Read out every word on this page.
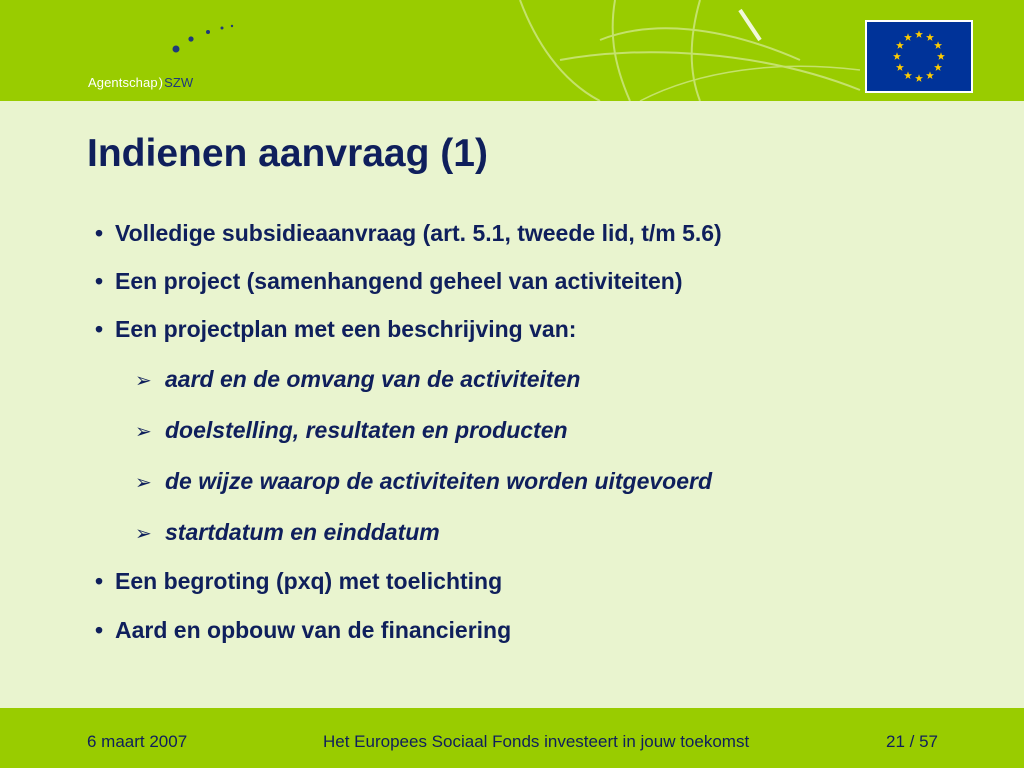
Agentschap)SZW
Indienen aanvraag (1)
• Volledige subsidieaanvraag (art. 5.1, tweede lid, t/m 5.6)
• Een project (samenhangend geheel van activiteiten)
• Een projectplan met een beschrijving van:
➢ aard en de omvang van de activiteiten
➢ doelstelling, resultaten en producten
➢ de wijze waarop de activiteiten worden uitgevoerd
➢ startdatum en einddatum
• Een begroting (pxq) met toelichting
• Aard en opbouw van de financiering
6 maart 2007	Het Europees Sociaal Fonds investeert in jouw toekomst	21 / 57
